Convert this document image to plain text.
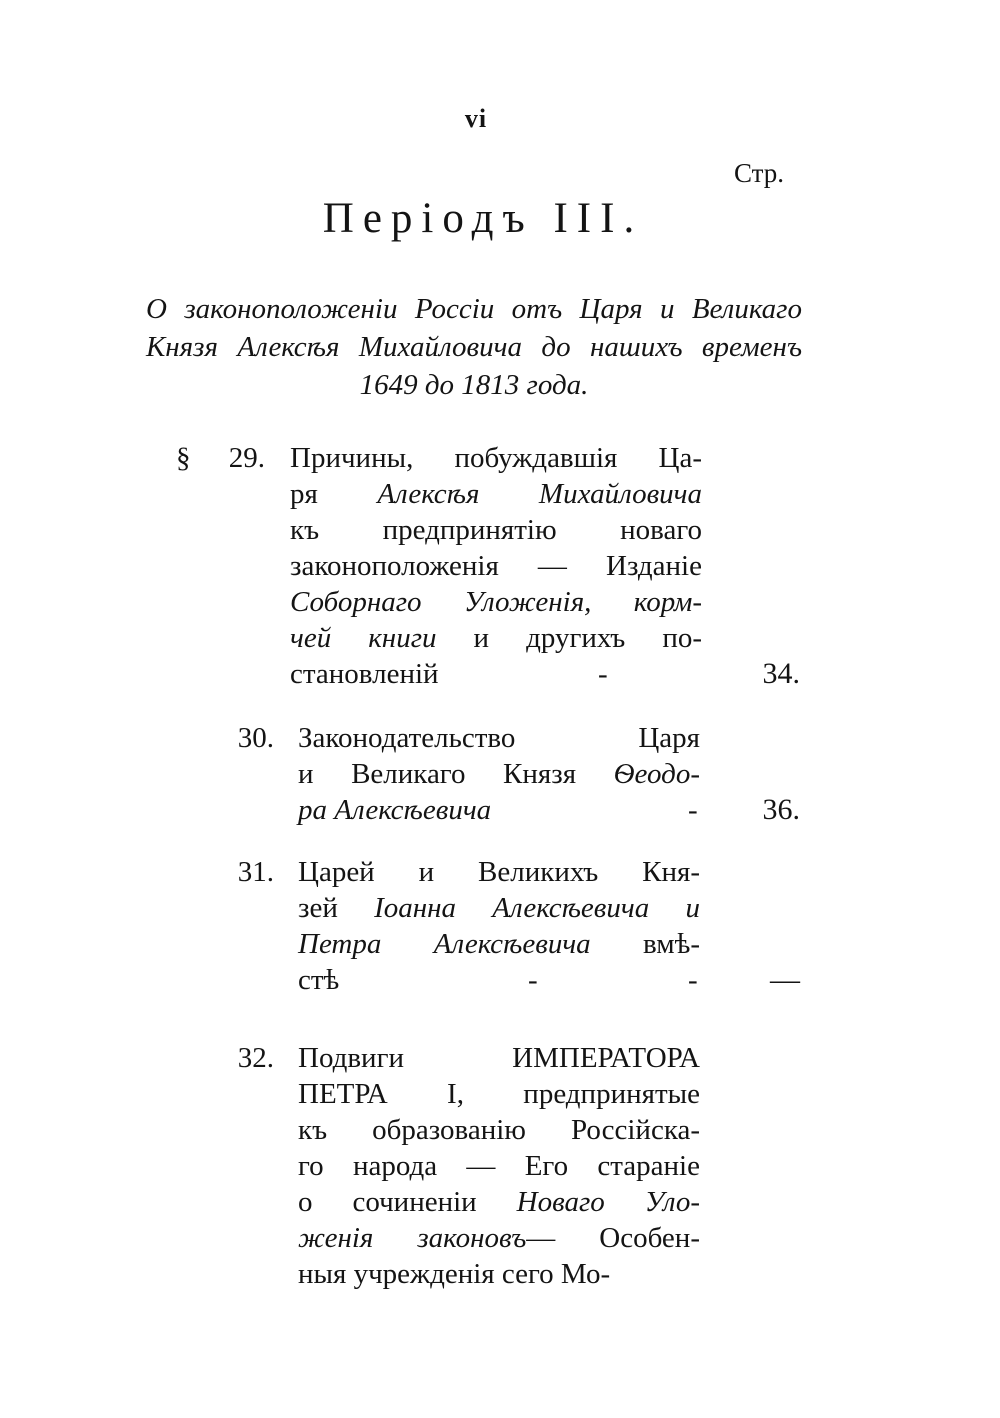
vi
Стр.
Періодъ III.
О законоположеніи Россіи отъ Царя и Великаго Князя Алексѣя Михайловича до нашихъ временъ 1649 до 1813 года.
§	29. Причины, побуждавшія Ца-
ря Алексѣя Михайловича
къ предпринятію новаго
законоположенія — Изданіе
Соборнаго Уложенія, корм-
чей книги и другихъ по-
становленій	-	34.
30. Законодательство Царя
и Великаго Князя Ѳеодо-
ра Алексѣевича	-	36.
31. Царей и Великихъ Кня-
зей Іоанна Алексѣевича и
Петра Алексѣевича вмѣ-
стѣ	-	-	—
32. Подвиги ИМПЕРАТОРА
ПЕТРА I, предпринятые
къ образованію Россійска-
го народа — Его стараніе
о сочиненіи Новаго Уло-
женія законовъ— Особен-
ныя учрежденія сего Мо-
